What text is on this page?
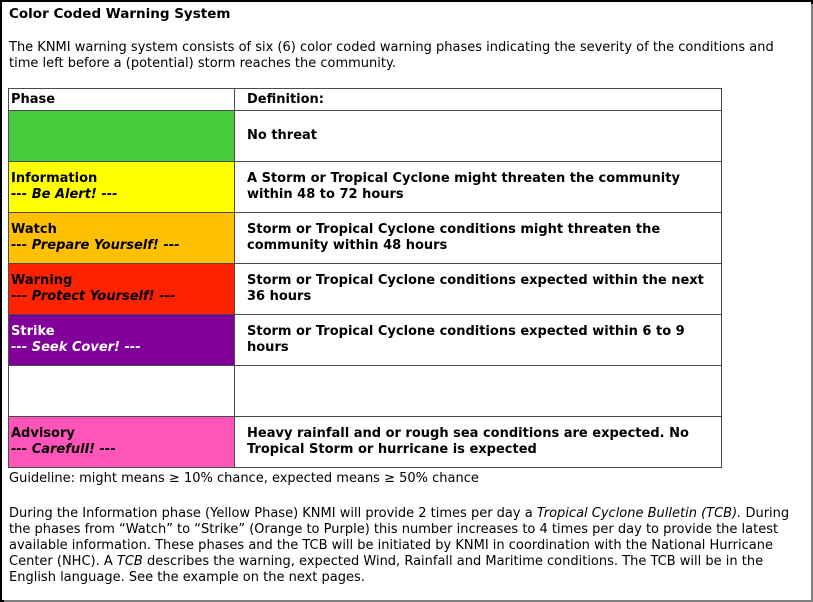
Color Coded Warning System

The KNMI warning system consists of six (6) color coded warning phases indicating the severity of the conditions and time left before a (potential) storm reaches the community.

Phase	Definition:

	No threat

Information
--- Be Alert! ---	A Storm or Tropical Cyclone might threaten the community within 48 to 72 hours

Watch
--- Prepare Yourself! ---	Storm or Tropical Cyclone conditions might threaten the community within 48 hours

Warning
--- Protect Yourself! ---	Storm or Tropical Cyclone conditions expected within the next 36 hours

Strike
--- Seek Cover! ---	Storm or Tropical Cyclone conditions expected within 6 to 9 hours

Advisory
--- Carefull! ---	Heavy rainfall and or rough sea conditions are expected. No Tropical Storm or hurricane is expected
Guideline: might means ≥ 10% chance, expected means ≥ 50% chance
During the Information phase (Yellow Phase) KNMI will provide 2 times per day a Tropical Cyclone Bulletin (TCB). During the phases from “Watch” to “Strike” (Orange to Purple) this number increases to 4 times per day to provide the latest available information. These phases and the TCB will be initiated by KNMI in coordination with the National Hurricane Center (NHC). A TCB describes the warning, expected Wind, Rainfall and Maritime conditions. The TCB will be in the English language. See the example on the next pages.
